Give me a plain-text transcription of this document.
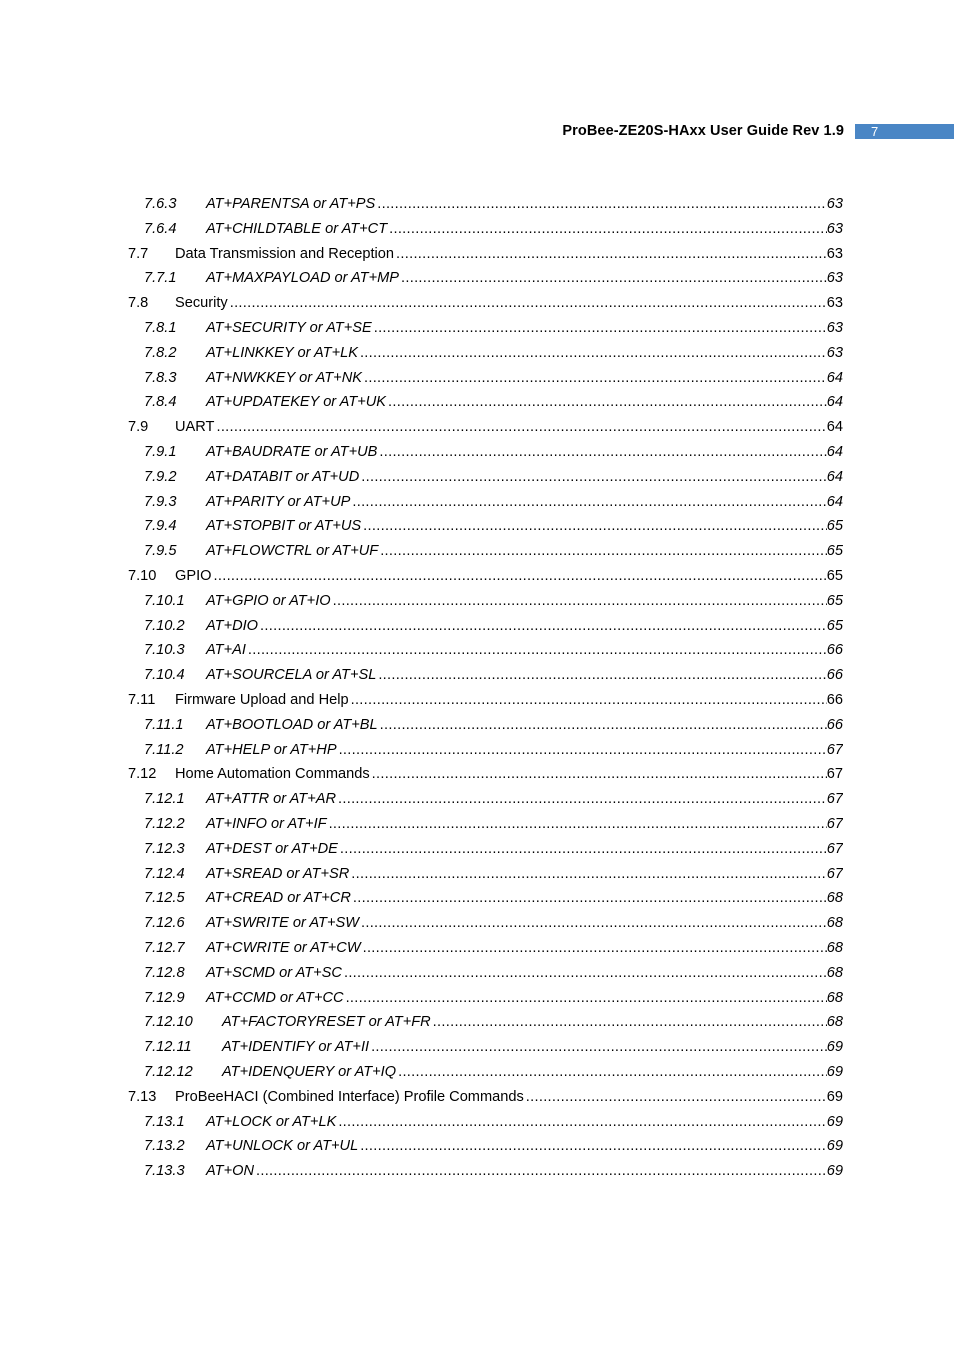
ProBee-ZE20S-HAxx User Guide Rev 1.9	7
7.6.3	AT+PARENTSA or AT+PS .....	63
7.6.4	AT+CHILDTABLE or AT+CT .....	63
7.7	Data Transmission and Reception .....	63
7.7.1	AT+MAXPAYLOAD or AT+MP .....	63
7.8	Security .....	63
7.8.1	AT+SECURITY or AT+SE .....	63
7.8.2	AT+LINKKEY or AT+LK .....	63
7.8.3	AT+NWKKEY or AT+NK .....	64
7.8.4	AT+UPDATEKEY or AT+UK .....	64
7.9	UART .....	64
7.9.1	AT+BAUDRATE or AT+UB .....	64
7.9.2	AT+DATABIT or AT+UD .....	64
7.9.3	AT+PARITY or AT+UP .....	64
7.9.4	AT+STOPBIT or AT+US .....	65
7.9.5	AT+FLOWCTRL or AT+UF .....	65
7.10	GPIO .....	65
7.10.1	AT+GPIO or AT+IO .....	65
7.10.2	AT+DIO .....	65
7.10.3	AT+AI .....	66
7.10.4	AT+SOURCELA or AT+SL .....	66
7.11	Firmware Upload and Help .....	66
7.11.1	AT+BOOTLOAD or AT+BL .....	66
7.11.2	AT+HELP or AT+HP .....	67
7.12	Home Automation Commands .....	67
7.12.1	AT+ATTR or AT+AR .....	67
7.12.2	AT+INFO or AT+IF .....	67
7.12.3	AT+DEST or AT+DE .....	67
7.12.4	AT+SREAD or AT+SR .....	67
7.12.5	AT+CREAD or AT+CR .....	68
7.12.6	AT+SWRITE or AT+SW .....	68
7.12.7	AT+CWRITE or AT+CW .....	68
7.12.8	AT+SCMD or AT+SC .....	68
7.12.9	AT+CCMD or AT+CC .....	68
7.12.10	AT+FACTORYRESET or AT+FR .....	68
7.12.11	AT+IDENTIFY or AT+II .....	69
7.12.12	AT+IDENQUERY or AT+IQ .....	69
7.13	ProBeeHACI (Combined Interface) Profile Commands .....	69
7.13.1	AT+LOCK or AT+LK .....	69
7.13.2	AT+UNLOCK or AT+UL .....	69
7.13.3	AT+ON .....	69
